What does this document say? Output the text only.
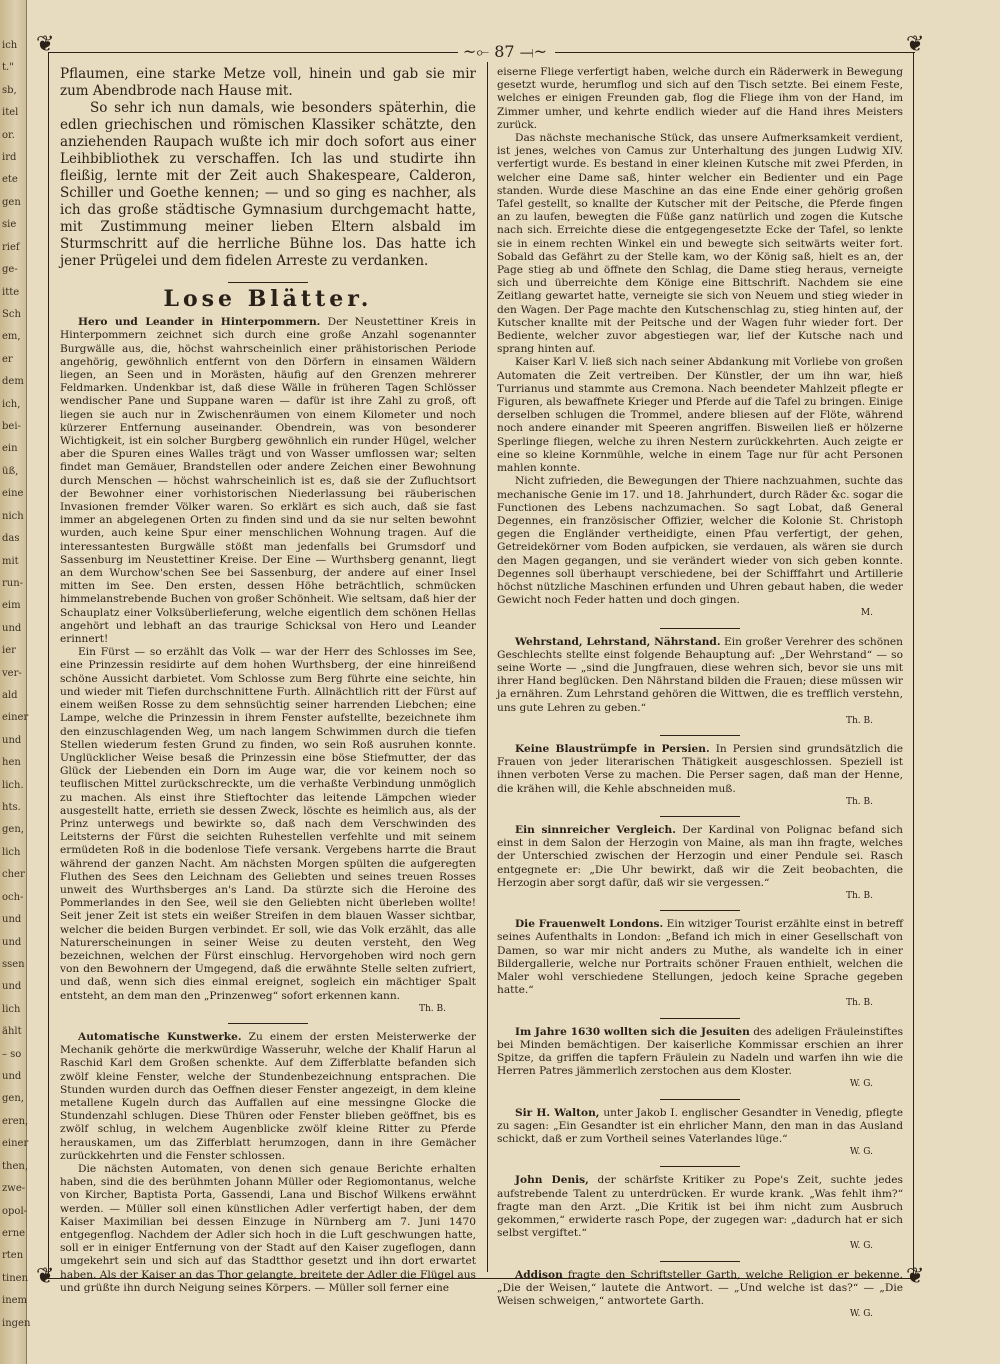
ich
t."
sb,
itel
or.
ird
ete
gen
sie
rief
ge-
itte
Sch
em,
er
dem
ich,
bei-
ein
üß,
eine
nich
das
mit
run-
eim
und
ier
ver-
ald
einer
und
hen
lich.
hts.
gen,
lich
cher
och-
und
und
ssen
und
lich
ählt
– so
und
gen,
eren,
einer
then,
zwe-
opol-
erne
rten
tinen
inem
ingen
❦	❦
❦	❦
~⟜ 87 ⟞~

Pflaumen, eine starke Metze voll, hinein und gab sie mir zum Abendbrode nach Hause mit.

So sehr ich nun damals, wie besonders späterhin, die edlen griechischen und römischen Klassiker schätzte, den anziehenden Raupach wußte ich mir doch sofort aus einer Leihbibliothek zu verschaffen. Ich las und studirte ihn fleißig, lernte mit der Zeit auch Shakespeare, Calderon, Schiller und Goethe kennen; — und so ging es nachher, als ich das große städtische Gymnasium durchgemacht hatte, mit Zustimmung meiner lieben Eltern alsbald im Sturmschritt auf die herrliche Bühne los. Das hatte ich jener Prügelei und dem fidelen Arreste zu verdanken.

Lose Blätter.

Hero und Leander in Hinterpommern. Der Neustettiner Kreis in Hinterpommern zeichnet sich durch eine große Anzahl sogenannter Burgwälle aus, die, höchst wahrscheinlich einer prähistorischen Periode angehörig, gewöhnlich entfernt von den Dörfern in einsamen Wäldern liegen, an Seen und in Morästen, häufig auf den Grenzen mehrerer Feldmarken. Undenkbar ist, daß diese Wälle in früheren Tagen Schlösser wendischer Pane und Suppane waren — dafür ist ihre Zahl zu groß, oft liegen sie auch nur in Zwischenräumen von einem Kilometer und noch kürzerer Entfernung auseinander. Obendrein, was von besonderer Wichtigkeit, ist ein solcher Burgberg gewöhnlich ein runder Hügel, welcher aber die Spuren eines Walles trägt und von Wasser umflossen war; selten findet man Gemäuer, Brandstellen oder andere Zeichen einer Bewohnung durch Menschen — höchst wahrscheinlich ist es, daß sie der Zufluchtsort der Bewohner einer vorhistorischen Niederlassung bei räuberischen Invasionen fremder Völker waren. So erklärt es sich auch, daß sie fast immer an abgelegenen Orten zu finden sind und da sie nur selten bewohnt wurden, auch keine Spur einer menschlichen Wohnung tragen. Auf die interessantesten Burgwälle stößt man jedenfalls bei Grumsdorf und Sassenburg im Neustettiner Kreise. Der Eine — Wurthsberg genannt, liegt an dem Wurchow'schen See bei Sassenburg, der andere auf einer Insel mitten im See. Den ersten, dessen Höhe beträchtlich, schmücken himmelanstrebende Buchen von großer Schönheit. Wie seltsam, daß hier der Schauplatz einer Volksüberlieferung, welche eigentlich dem schönen Hellas angehört und lebhaft an das traurige Schicksal von Hero und Leander erinnert!

Ein Fürst — so erzählt das Volk — war der Herr des Schlosses im See, eine Prinzessin residirte auf dem hohen Wurthsberg, der eine hinreißend schöne Aussicht darbietet. Vom Schlosse zum Berg führte eine seichte, hin und wieder mit Tiefen durchschnittene Furth. Allnächtlich ritt der Fürst auf einem weißen Rosse zu dem sehnsüchtig seiner harrenden Liebchen; eine Lampe, welche die Prinzessin in ihrem Fenster aufstellte, bezeichnete ihm den einzuschlagenden Weg, um nach langem Schwimmen durch die tiefen Stellen wiederum festen Grund zu finden, wo sein Roß ausruhen konnte. Unglücklicher Weise besaß die Prinzessin eine böse Stiefmutter, der das Glück der Liebenden ein Dorn im Auge war, die vor keinem noch so teuflischen Mittel zurückschreckte, um die verhaßte Verbindung unmöglich zu machen. Als einst ihre Stieftochter das leitende Lämpchen wieder ausgestellt hatte, errieth sie dessen Zweck, löschte es heimlich aus, als der Prinz unterwegs und bewirkte so, daß nach dem Verschwinden des Leitsterns der Fürst die seichten Ruhestellen verfehlte und mit seinem ermüdeten Roß in die bodenlose Tiefe versank. Vergebens harrte die Braut während der ganzen Nacht. Am nächsten Morgen spülten die aufgeregten Fluthen des Sees den Leichnam des Geliebten und seines treuen Rosses unweit des Wurthsberges an's Land. Da stürzte sich die Heroine des Pommerlandes in den See, weil sie den Geliebten nicht überleben wollte! Seit jener Zeit ist stets ein weißer Streifen in dem blauen Wasser sichtbar, welcher die beiden Burgen verbindet. Er soll, wie das Volk erzählt, das alle Naturerscheinungen in seiner Weise zu deuten versteht, den Weg bezeichnen, welchen der Fürst einschlug. Hervorgehoben wird noch gern von den Bewohnern der Umgegend, daß die erwähnte Stelle selten zufriert, und daß, wenn sich dies einmal ereignet, sogleich ein mächtiger Spalt entsteht, an dem man den „Prinzenweg“ sofort erkennen kann.

Th. B.

Automatische Kunstwerke. Zu einem der ersten Meisterwerke der Mechanik gehörte die merkwürdige Wasseruhr, welche der Khalif Harun al Raschid Karl dem Großen schenkte. Auf dem Zifferblatte befanden sich zwölf kleine Fenster, welche der Stundenbezeichnung entsprachen. Die Stunden wurden durch das Oeffnen dieser Fenster angezeigt, in dem kleine metallene Kugeln durch das Auffallen auf eine messingne Glocke die Stundenzahl schlugen. Diese Thüren oder Fenster blieben geöffnet, bis es zwölf schlug, in welchem Augenblicke zwölf kleine Ritter zu Pferde herauskamen, um das Zifferblatt herumzogen, dann in ihre Gemächer zurückkehrten und die Fenster schlossen.

Die nächsten Automaten, von denen sich genaue Berichte erhalten haben, sind die des berühmten Johann Müller oder Regiomontanus, welche von Kircher, Baptista Porta, Gassendi, Lana und Bischof Wilkens erwähnt werden. — Müller soll einen künstlichen Adler verfertigt haben, der dem Kaiser Maximilian bei dessen Einzuge in Nürnberg am 7. Juni 1470 entgegenflog. Nachdem der Adler sich hoch in die Luft geschwungen hatte, soll er in einiger Entfernung von der Stadt auf den Kaiser zugeflogen, dann umgekehrt sein und sich auf das Stadtthor gesetzt und ihn dort erwartet haben. Als der Kaiser an das Thor gelangte, breitete der Adler die Flügel aus und grüßte ihn durch Neigung seines Körpers. — Müller soll ferner eine

eiserne Fliege verfertigt haben, welche durch ein Räderwerk in Bewegung gesetzt wurde, herumflog und sich auf den Tisch setzte. Bei einem Feste, welches er einigen Freunden gab, flog die Fliege ihm von der Hand, im Zimmer umher, und kehrte endlich wieder auf die Hand ihres Meisters zurück.

Das nächste mechanische Stück, das unsere Aufmerksamkeit verdient, ist jenes, welches von Camus zur Unterhaltung des jungen Ludwig XIV. verfertigt wurde. Es bestand in einer kleinen Kutsche mit zwei Pferden, in welcher eine Dame saß, hinter welcher ein Bedienter und ein Page standen. Wurde diese Maschine an das eine Ende einer gehörig großen Tafel gestellt, so knallte der Kutscher mit der Peitsche, die Pferde fingen an zu laufen, bewegten die Füße ganz natürlich und zogen die Kutsche nach sich. Erreichte diese die entgegengesetzte Ecke der Tafel, so lenkte sie in einem rechten Winkel ein und bewegte sich seitwärts weiter fort. Sobald das Gefährt zu der Stelle kam, wo der König saß, hielt es an, der Page stieg ab und öffnete den Schlag, die Dame stieg heraus, verneigte sich und überreichte dem Könige eine Bittschrift. Nachdem sie eine Zeitlang gewartet hatte, verneigte sie sich von Neuem und stieg wieder in den Wagen. Der Page machte den Kutschenschlag zu, stieg hinten auf, der Kutscher knallte mit der Peitsche und der Wagen fuhr wieder fort. Der Bediente, welcher zuvor abgestiegen war, lief der Kutsche nach und sprang hinten auf.

Kaiser Karl V. ließ sich nach seiner Abdankung mit Vorliebe von großen Automaten die Zeit vertreiben. Der Künstler, der um ihn war, hieß Turrianus und stammte aus Cremona. Nach beendeter Mahlzeit pflegte er Figuren, als bewaffnete Krieger und Pferde auf die Tafel zu bringen. Einige derselben schlugen die Trommel, andere bliesen auf der Flöte, während noch andere einander mit Speeren angriffen. Bisweilen ließ er hölzerne Sperlinge fliegen, welche zu ihren Nestern zurückkehrten. Auch zeigte er eine so kleine Kornmühle, welche in einem Tage nur für acht Personen mahlen konnte.

Nicht zufrieden, die Bewegungen der Thiere nachzuahmen, suchte das mechanische Genie im 17. und 18. Jahrhundert, durch Räder &c. sogar die Functionen des Lebens nachzumachen. So sagt Lobat, daß General Degennes, ein französischer Offizier, welcher die Kolonie St. Christoph gegen die Engländer vertheidigte, einen Pfau verfertigt, der gehen, Getreidekörner vom Boden aufpicken, sie verdauen, als wären sie durch den Magen gegangen, und sie verändert wieder von sich geben konnte. Degennes soll überhaupt verschiedene, bei der Schifffahrt und Artillerie höchst nützliche Maschinen erfunden und Uhren gebaut haben, die weder Gewicht noch Feder hatten und doch gingen.

M.

Wehrstand, Lehrstand, Nährstand. Ein großer Verehrer des schönen Geschlechts stellte einst folgende Behauptung auf: „Der Wehrstand“ — so seine Worte — „sind die Jungfrauen, diese wehren sich, bevor sie uns mit ihrer Hand beglücken. Den Nährstand bilden die Frauen; diese müssen wir ja ernähren. Zum Lehrstand gehören die Wittwen, die es trefflich verstehn, uns gute Lehren zu geben.“

Th. B.

Keine Blaustrümpfe in Persien. In Persien sind grundsätzlich die Frauen von jeder literarischen Thätigkeit ausgeschlossen. Speziell ist ihnen verboten Verse zu machen. Die Perser sagen, daß man der Henne, die krähen will, die Kehle abschneiden muß.

Th. B.

Ein sinnreicher Vergleich. Der Kardinal von Polignac befand sich einst in dem Salon der Herzogin von Maine, als man ihn fragte, welches der Unterschied zwischen der Herzogin und einer Pendule sei. Rasch entgegnete er: „Die Uhr bewirkt, daß wir die Zeit beobachten, die Herzogin aber sorgt dafür, daß wir sie vergessen.“

Th. B.

Die Frauenwelt Londons. Ein witziger Tourist erzählte einst in betreff seines Aufenthalts in London: „Befand ich mich in einer Gesellschaft von Damen, so war mir nicht anders zu Muthe, als wandelte ich in einer Bildergallerie, welche nur Portraits schöner Frauen enthielt, welchen die Maler wohl verschiedene Stellungen, jedoch keine Sprache gegeben hatte.“

Th. B.

Im Jahre 1630 wollten sich die Jesuiten des adeligen Fräuleinstiftes bei Minden bemächtigen. Der kaiserliche Kommissar erschien an ihrer Spitze, da griffen die tapfern Fräulein zu Nadeln und warfen ihn wie die Herren Patres jämmerlich zerstochen aus dem Kloster.

W. G.

Sir H. Walton, unter Jakob I. englischer Gesandter in Venedig, pflegte zu sagen: „Ein Gesandter ist ein ehrlicher Mann, den man in das Ausland schickt, daß er zum Vortheil seines Vaterlandes lüge.“

W. G.

John Denis, der schärfste Kritiker zu Pope's Zeit, suchte jedes aufstrebende Talent zu unterdrücken. Er wurde krank. „Was fehlt ihm?“ fragte man den Arzt. „Die Kritik ist bei ihm nicht zum Ausbruch gekommen,“ erwiderte rasch Pope, der zugegen war: „dadurch hat er sich selbst vergiftet.“

W. G.

Addison fragte den Schriftsteller Garth, welche Religion er bekenne. „Die der Weisen,“ lautete die Antwort. — „Und welche ist das?“ — „Die Weisen schweigen,“ antwortete Garth.

W. G.
